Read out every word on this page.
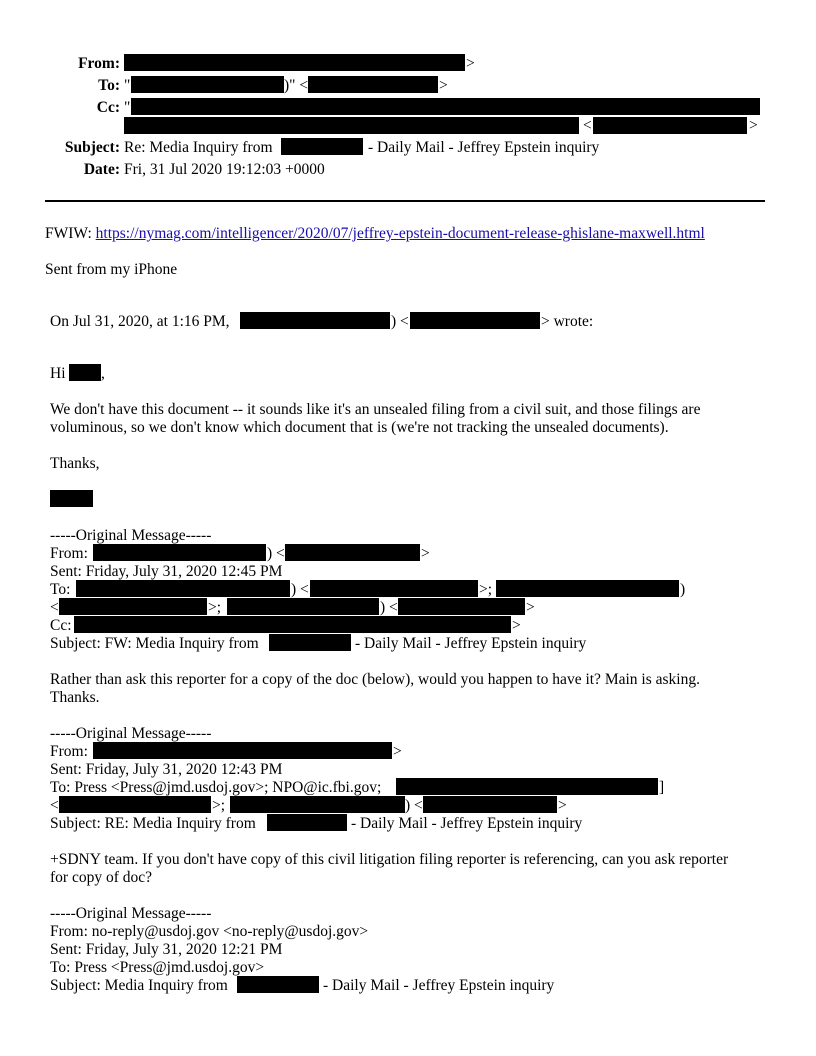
From:	>
To: "	)" <	>
Cc: "
<	>
Subject: Re: Media Inquiry from	- Daily Mail - Jeffrey Epstein inquiry
Date: Fri, 31 Jul 2020 19:12:03 +0000
FWIW: https://nymag.com/intelligencer/2020/07/jeffrey-epstein-document-release-ghislane-maxwell.html
Sent from my iPhone
On Jul 31, 2020, at 1:16 PM,	) <	> wrote:
Hi ,
We don't have this document -- it sounds like it's an unsealed filing from a civil suit, and those filings are
voluminous, so we don't know which document that is (we're not tracking the unsealed documents).
Thanks,
-----Original Message-----
From:	) <	>
Sent: Friday, July 31, 2020 12:45 PM
To:	) <	>;	)
<	>;	) <	>
Cc:	>
Subject: FW: Media Inquiry from	- Daily Mail - Jeffrey Epstein inquiry
Rather than ask this reporter for a copy of the doc (below), would you happen to have it? Main is asking.
Thanks.
-----Original Message-----
From:	>
Sent: Friday, July 31, 2020 12:43 PM
To: Press <Press@jmd.usdoj.gov>; NPO@ic.fbi.gov;	]
<	>;	) <	>
Subject: RE: Media Inquiry from	- Daily Mail - Jeffrey Epstein inquiry
+SDNY team. If you don't have copy of this civil litigation filing reporter is referencing, can you ask reporter
for copy of doc?
-----Original Message-----
From: no-reply@usdoj.gov <no-reply@usdoj.gov>
Sent: Friday, July 31, 2020 12:21 PM
To: Press <Press@jmd.usdoj.gov>
Subject: Media Inquiry from	- Daily Mail - Jeffrey Epstein inquiry
